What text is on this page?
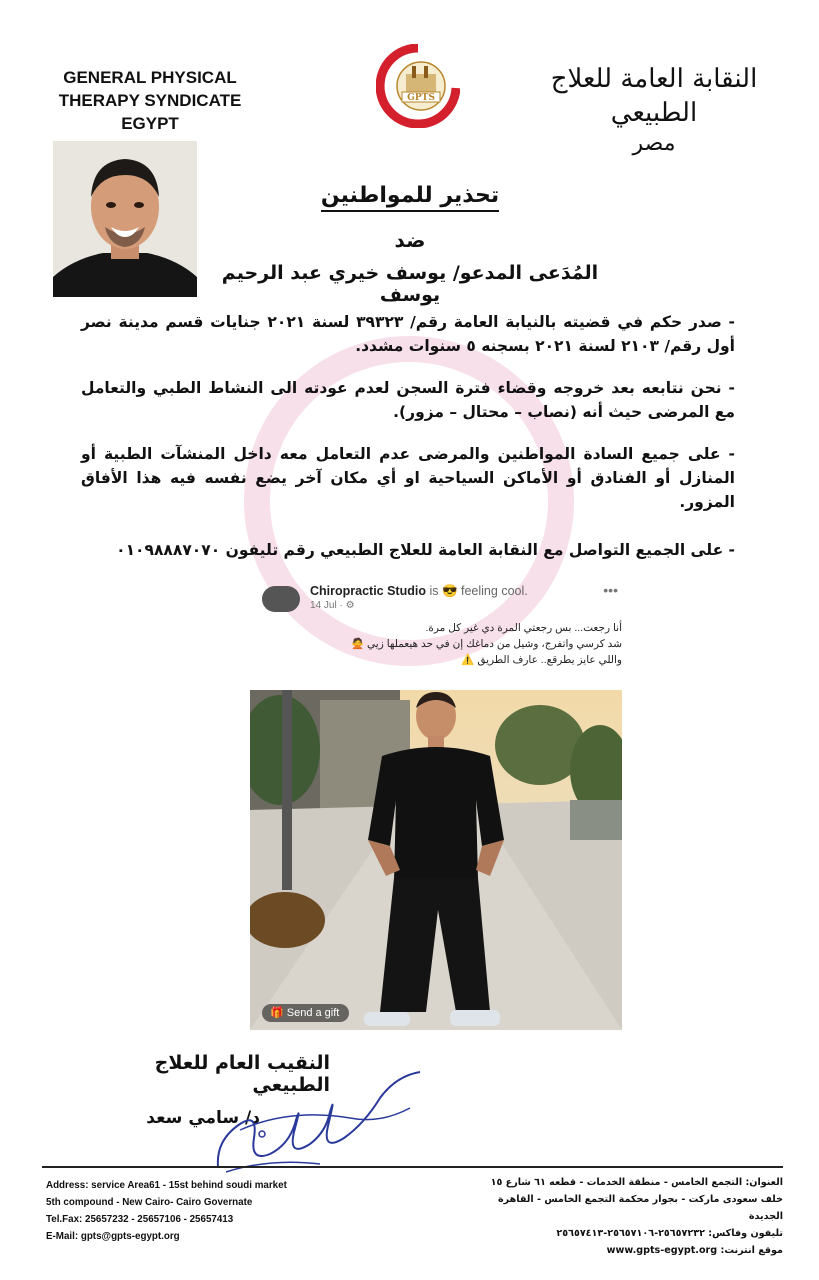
GENERAL PHYSICAL
THERAPY SYNDICATE
EGYPT
GPTS
النقابة العامة للعلاج الطبيعي
مصر
تحذير للمواطنين
ضد
المُدَعى المدعو/ يوسف خيري عبد الرحيم يوسف
- صدر حكم في قضيته بالنيابة العامة رقم/ ٣٩٣٢٣ لسنة ٢٠٢١ جنايات قسم مدينة نصر أول رقم/ ٢١٠٣ لسنة ٢٠٢١ بسجنه ٥ سنوات مشدد.
- نحن نتابعه بعد خروجه وقضاء فترة السجن لعدم عودته الى النشاط الطبي والتعامل مع المرضى حيث أنه (نصاب – محتال – مزور).
- على جميع السادة المواطنين والمرضى عدم التعامل معه داخل المنشآت الطبية أو المنازل أو الفنادق أو الأماكن السياحية او أي مكان آخر يضع نفسه فيه هذا الأفاق المزور.
- على الجميع التواصل مع النقابة العامة للعلاج الطبيعي رقم تليفون ٠١٠٩٨٨٨٧٠٧٠
Chiropractic Studio is 😎 feeling cool.	•••
14 Jul · ⚙
أنا رجعت... بس رجعتي المرة دي غير كل مرة.
شد كرسي واتفرج، وشيل من دماغك إن في حد هيعملها زيي 🙅
واللي عايز يطرقع.. عارف الطريق ⚠️
🎁 Send a gift
النقيب العام للعلاج الطبيعي
د/ سامي سعد
Address: service Area61 - 15st behind soudi market
5th compound - New Cairo- Cairo Governate
Tel.Fax: 25657232 - 25657106 - 25657413
E-Mail: gpts@gpts-egypt.org
العنوان: التجمع الخامس - منطقة الخدمات - قطعه ٦١ شارع ١٥
خلف سعودى ماركت - بجوار محكمة التجمع الخامس - القاهرة الجديدة
تليفون وفاكس: ٢٥٦٥٧٢٣٢-٢٥٦٥٧١٠٦-٢٥٦٥٧٤١٣
موقع انترنت: www.gpts-egypt.org
